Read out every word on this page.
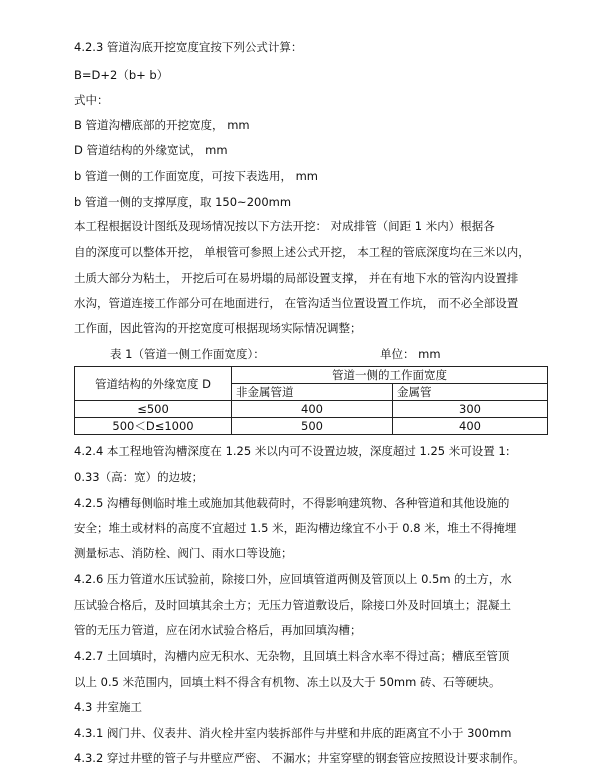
4.2.3 管道沟底开挖宽度宜按下列公式计算：
B=D+2（b+ b）
式中：
B 管道沟槽底部的开挖宽度， mm
D 管道结构的外缘宽试， mm
b 管道一侧的工作面宽度，可按下表选用， mm
b 管道一侧的支撑厚度，取 150~200mm
本工程根据设计图纸及现场情况按以下方法开挖： 对成排管（间距 1 米内）根据各
自的深度可以整体开挖， 单根管可参照上述公式开挖， 本工程的管底深度均在三米以内，
土质大部分为粘土， 开挖后可在易坍塌的局部设置支撑， 并在有地下水的管沟内设置排
水沟，管道连接工作部分可在地面进行， 在管沟适当位置设置工作坑， 而不必全部设置
工作面，因此管沟的开挖宽度可根据现场实际情况调整；
表 1（管道一侧工作面宽度）：	单位： mm
管道结构的外缘宽度 D	管道一侧的工作面宽度	
	非金属管道	金属管
≤500	400	300
500＜D≤1000	500	400
4.2.4 本工程地管沟槽深度在 1.25 米以内可不设置边坡，深度超过 1.25 米可设置 1:
0.33（高：宽）的边坡；
4.2.5 沟槽每侧临时堆土或施加其他载荷时，不得影响建筑物、各种管道和其他设施的
安全；堆土或材料的高度不宜超过 1.5 米，距沟槽边缘宜不小于 0.8 米，堆土不得掩埋
测量标志、消防栓、阀门、雨水口等设施；
4.2.6 压力管道水压试验前，除接口外，应回填管道两侧及管顶以上 0.5m 的土方，水
压试验合格后，及时回填其余土方；无压力管道敷设后，除接口外及时回填土；混凝土
管的无压力管道，应在闭水试验合格后，再加回填沟槽；
4.2.7 土回填时，沟槽内应无积水、无杂物，且回填土料含水率不得过高；槽底至管顶
以上 0.5 米范围内，回填土料不得含有机物、冻土以及大于 50mm 砖、石等硬块。
4.3 井室施工
4.3.1 阀门井、仪表井、消火栓井室内装拆部件与井壁和井底的距离宜不小于 300mm
4.3.2 穿过井壁的管子与井壁应严密、 不漏水；井室穿壁的钢套管应按照设计要求制作。
